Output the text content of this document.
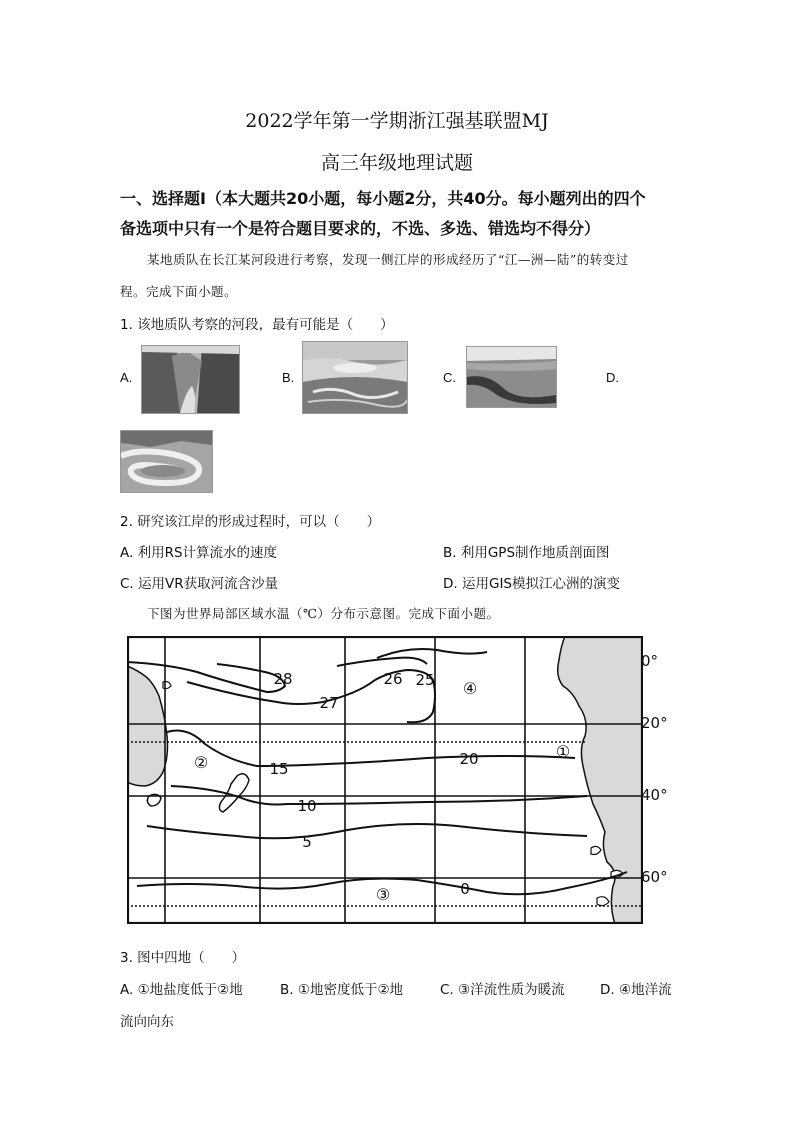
2022学年第一学期浙江强基联盟MJ
高三年级地理试题
一、选择题Ⅰ（本大题共20小题，每小题2分，共40分。每小题列出的四个
备选项中只有一个是符合题目要求的，不选、多选、错选均不得分）
某地质队在长江某河段进行考察，发现一侧江岸的形成经历了“江—洲—陆”的转变过
程。完成下面小题。
1. 该地质队考察的河段，最有可能是（　　）
A.	B.	C.	D.
2. 研究该江岸的形成过程时，可以（　　）
A. 利用RS计算流水的速度	B. 利用GPS制作地质剖面图
C. 运用VR获取河流含沙量	D. 运用GIS模拟江心洲的演变
下图为世界局部区域水温（℃）分布示意图。完成下面小题。
28
27
26 25
20
15
10
5
0
④
①
②
③
0°
20°
40°
60°
3. 图中四地（　　）
A. ①地盐度低于②地	B. ①地密度低于②地	C. ③洋流性质为暖流	D. ④地洋流
流向向东
